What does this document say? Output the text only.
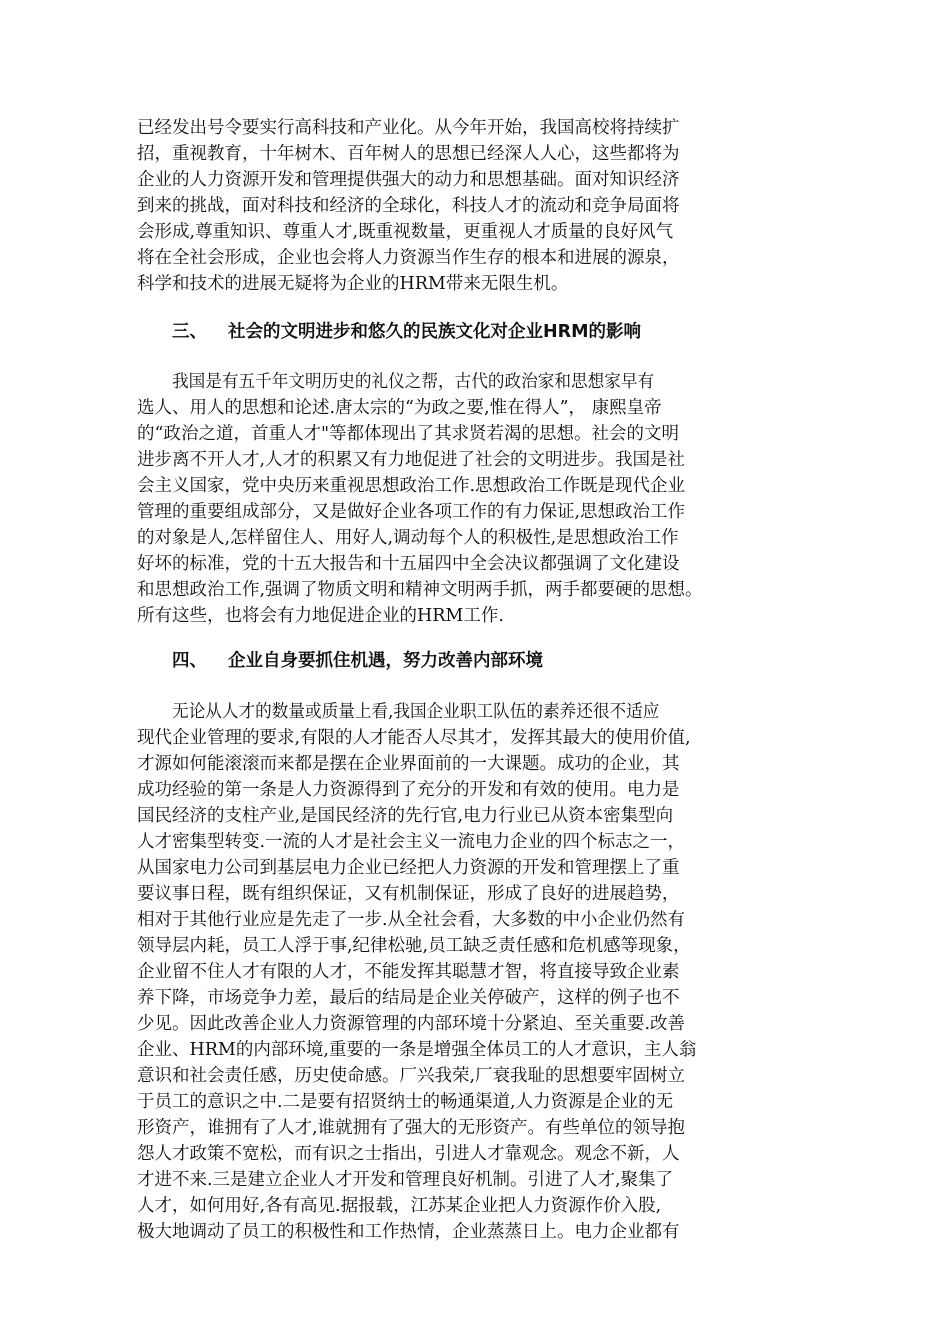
已经发出号令要实行高科技和产业化。从今年开始，我国高校将持续扩
招，重视教育，十年树木、百年树人的思想已经深人人心，这些都将为
企业的人力资源开发和管理提供强大的动力和思想基础。面对知识经济
到来的挑战，面对科技和经济的全球化，科技人才的流动和竞争局面将
会形成,尊重知识、尊重人才,既重视数量，更重视人才质量的良好风气
将在全社会形成，企业也会将人力资源当作生存的根本和进展的源泉，
科学和技术的进展无疑将为企业的HRM带来无限生机。
三、 社会的文明进步和悠久的民族文化对企业HRM的影响
我国是有五千年文明历史的礼仪之帮，古代的政治家和思想家早有
选人、用人的思想和论述.唐太宗的“为政之要,惟在得人”， 康熙皇帝
的“政治之道，首重人才"等都体现出了其求贤若渴的思想。社会的文明
进步离不开人才,人才的积累又有力地促进了社会的文明进步。我国是社
会主义国家，党中央历来重视思想政治工作.思想政治工作既是现代企业
管理的重要组成部分，又是做好企业各项工作的有力保证,思想政治工作
的对象是人,怎样留住人、用好人,调动每个人的积极性,是思想政治工作
好坏的标准，党的十五大报告和十五届四中全会决议都强调了文化建设
和思想政治工作,强调了物质文明和精神文明两手抓，两手都要硬的思想。
所有这些，也将会有力地促进企业的HRM工作.
四、 企业自身要抓住机遇，努力改善内部环境
无论从人才的数量或质量上看,我国企业职工队伍的素养还很不适应
现代企业管理的要求,有限的人才能否人尽其才，发挥其最大的使用价值,
才源如何能滚滚而来都是摆在企业界面前的一大课题。成功的企业，其
成功经验的第一条是人力资源得到了充分的开发和有效的使用。电力是
国民经济的支柱产业,是国民经济的先行官,电力行业已从资本密集型向
人才密集型转变.一流的人才是社会主义一流电力企业的四个标志之一，
从国家电力公司到基层电力企业已经把人力资源的开发和管理摆上了重
要议事日程，既有组织保证，又有机制保证，形成了良好的进展趋势，
相对于其他行业应是先走了一步.从全社会看，大多数的中小企业仍然有
领导层内耗，员工人浮于事,纪律松驰,员工缺乏责任感和危机感等现象，
企业留不住人才有限的人才，不能发挥其聪慧才智，将直接导致企业素
养下降，市场竞争力差，最后的结局是企业关停破产，这样的例子也不
少见。因此改善企业人力资源管理的内部环境十分紧迫、至关重要.改善
企业、HRM的内部环境,重要的一条是增强全体员工的人才意识，主人翁
意识和社会责任感，历史使命感。厂兴我荣,厂衰我耻的思想要牢固树立
于员工的意识之中.二是要有招贤纳士的畅通渠道,人力资源是企业的无
形资产，谁拥有了人才,谁就拥有了强大的无形资产。有些单位的领导抱
怨人才政策不宽松，而有识之士指出，引进人才靠观念。观念不新，人
才进不来.三是建立企业人才开发和管理良好机制。引进了人才,聚集了
人才，如何用好,各有高见.据报载，江苏某企业把人力资源作价入股,
极大地调动了员工的积极性和工作热情，企业蒸蒸日上。电力企业都有
